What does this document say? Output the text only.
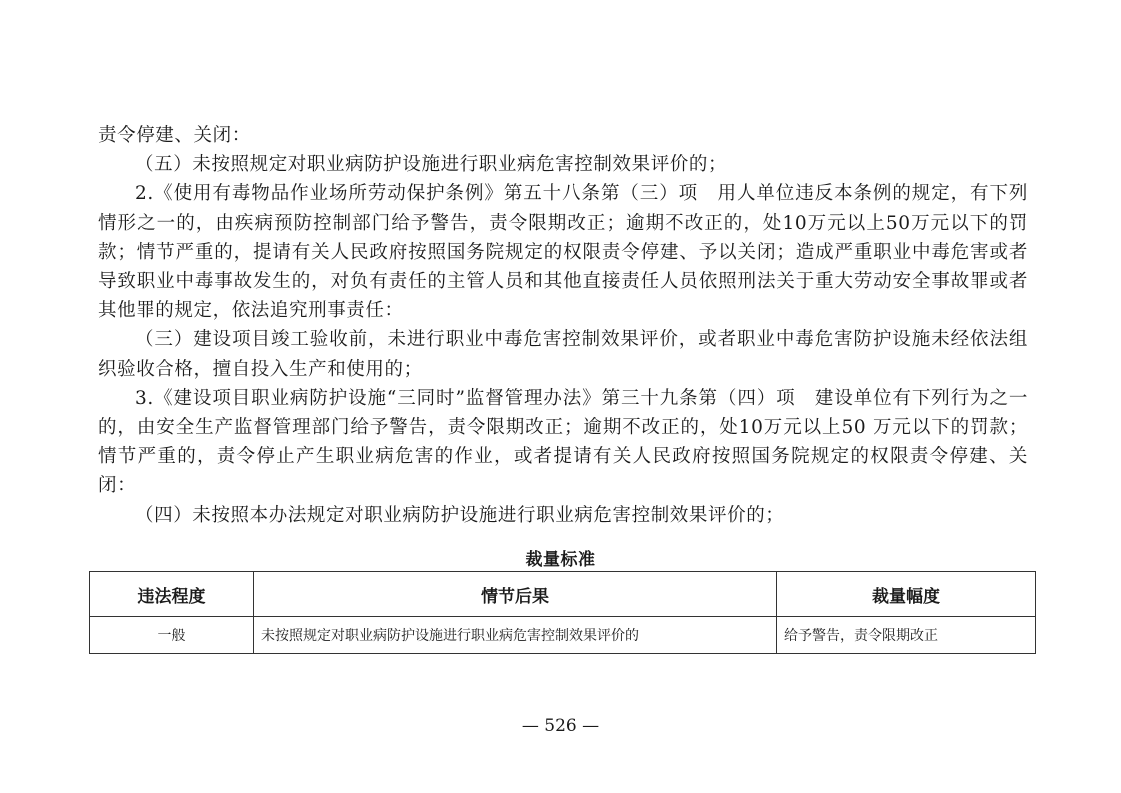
责令停建、关闭：

（五）未按照规定对职业病防护设施进行职业病危害控制效果评价的；

2.《使用有毒物品作业场所劳动保护条例》第五十八条第（三）项　用人单位违反本条例的规定，有下列情形之一的，由疾病预防控制部门给予警告，责令限期改正；逾期不改正的，处10万元以上50万元以下的罚款；情节严重的，提请有关人民政府按照国务院规定的权限责令停建、予以关闭；造成严重职业中毒危害或者导致职业中毒事故发生的，对负有责任的主管人员和其他直接责任人员依照刑法关于重大劳动安全事故罪或者其他罪的规定，依法追究刑事责任：

（三）建设项目竣工验收前，未进行职业中毒危害控制效果评价，或者职业中毒危害防护设施未经依法组织验收合格，擅自投入生产和使用的；

3.《建设项目职业病防护设施“三同时”监督管理办法》第三十九条第（四）项　建设单位有下列行为之一的，由安全生产监督管理部门给予警告，责令限期改正；逾期不改正的，处10万元以上50 万元以下的罚款；情节严重的，责令停止产生职业病危害的作业，或者提请有关人民政府按照国务院规定的权限责令停建、关闭：

（四）未按照本办法规定对职业病防护设施进行职业病危害控制效果评价的；

裁量标准
违法程度	情节后果	裁量幅度
一般	未按照规定对职业病防护设施进行职业病危害控制效果评价的	给予警告，责令限期改正
— 526 —
